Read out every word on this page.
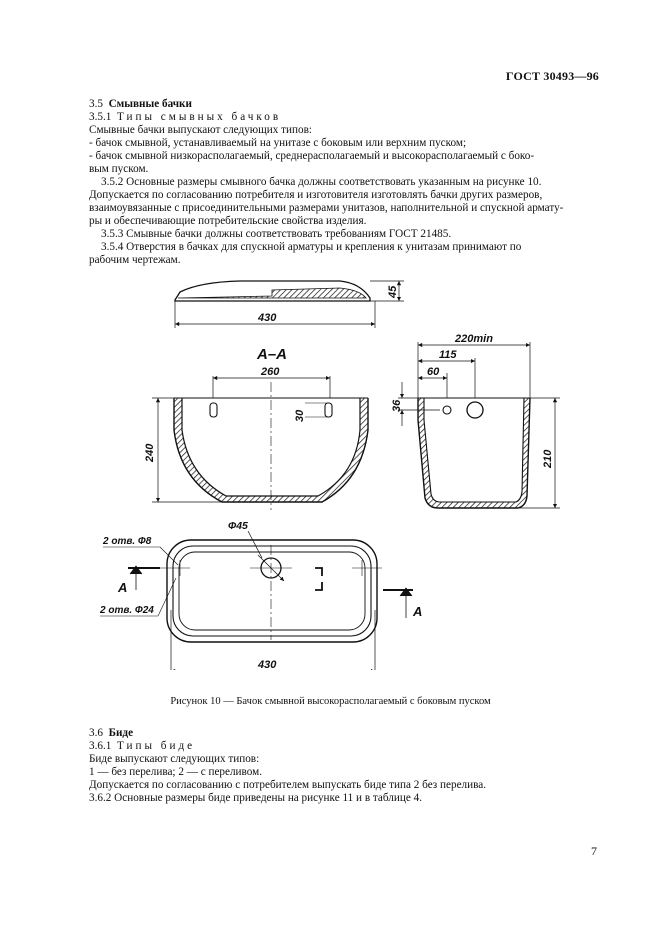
ГОСТ 30493—96

3.5 Смывные бачки

3.5.1 Типы смывных бачков

Смывные бачки выпускают следующих типов:

- бачок смывной, устанавливаемый на унитазе с боковым или верхним пуском;

- бачок смывной низкорасполагаемый, среднерасполагаемый и высокорасполагаемый с боко-

вым пуском.

3.5.2 Основные размеры смывного бачка должны соответствовать указанным на рисунке 10.

Допускается по согласованию потребителя и изготовителя изготовлять бачки других размеров,

взаимоувязанные с присоединительными размерами унитазов, наполнительной и спускной армату-

ры и обеспечивающие потребительские свойства изделия.

3.5.3 Смывные бачки должны соответствовать требованиям ГОСТ 21485.

3.5.4 Отверстия в бачках для спускной арматуры и крепления к унитазам принимают по

рабочим чертежам.

430
45
А–А
260
30
240
220min
115
60
36
210
Ф45
2 отв. Ф8
2 отв. Ф24
А
А
430
Рисунок 10 — Бачок смывной высокорасполагаемый с боковым пуском

3.6 Биде

3.6.1 Типы биде

Биде выпускают следующих типов:

1 — без перелива; 2 — с переливом.

Допускается по согласованию с потребителем выпускать биде типа 2 без перелива.

3.6.2 Основные размеры биде приведены на рисунке 11 и в таблице 4.

7
